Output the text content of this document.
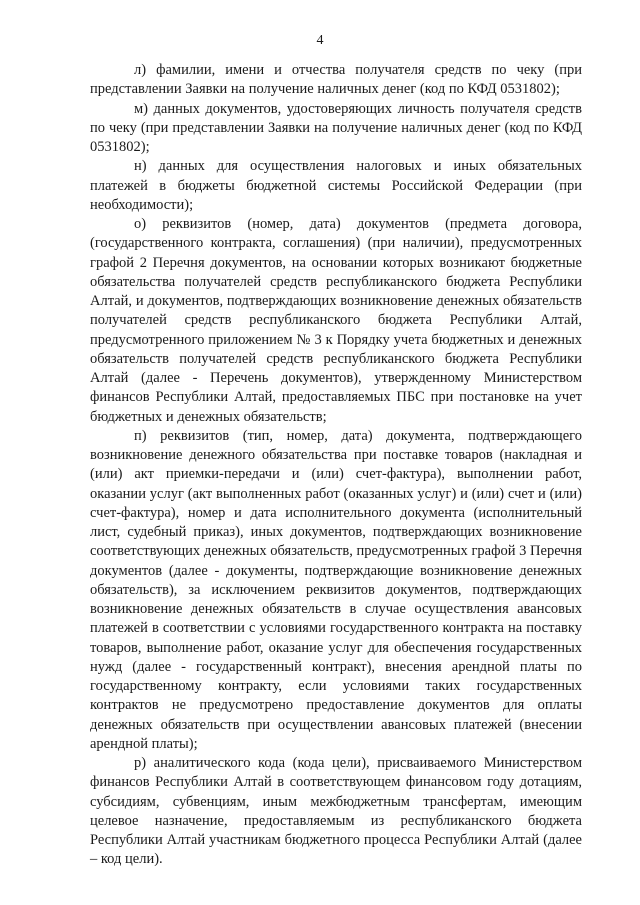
4

л) фамилии, имени и отчества получателя средств по чеку (при представлении Заявки на получение наличных денег (код по КФД 0531802);

м) данных документов, удостоверяющих личность получателя средств по чеку (при представлении Заявки на получение наличных денег (код по КФД 0531802);

н) данных для осуществления налоговых и иных обязательных платежей в бюджеты бюджетной системы Российской Федерации (при необходимости);

о) реквизитов (номер, дата) документов (предмета договора, (государственного контракта, соглашения) (при наличии), предусмотренных графой 2 Перечня документов, на основании которых возникают бюджетные обязательства получателей средств республиканского бюджета Республики Алтай, и документов, подтверждающих возникновение денежных обязательств получателей средств республиканского бюджета Республики Алтай, предусмотренного приложением № 3 к Порядку учета бюджетных и денежных обязательств получателей средств республиканского бюджета Республики Алтай (далее - Перечень документов), утвержденному Министерством финансов Республики Алтай, предоставляемых ПБС при постановке на учет бюджетных и денежных обязательств;

п) реквизитов (тип, номер, дата) документа, подтверждающего возникновение денежного обязательства при поставке товаров (накладная и (или) акт приемки-передачи и (или) счет-фактура), выполнении работ, оказании услуг (акт выполненных работ (оказанных услуг) и (или) счет и (или) счет-фактура), номер и дата исполнительного документа (исполнительный лист, судебный приказ), иных документов, подтверждающих возникновение соответствующих денежных обязательств, предусмотренных графой 3 Перечня документов (далее - документы, подтверждающие возникновение денежных обязательств), за исключением реквизитов документов, подтверждающих возникновение денежных обязательств в случае осуществления авансовых платежей в соответствии с условиями государственного контракта на поставку товаров, выполнение работ, оказание услуг для обеспечения государственных нужд (далее - государственный контракт), внесения арендной платы по государственному контракту, если условиями таких государственных контрактов не предусмотрено предоставление документов для оплаты денежных обязательств при осуществлении авансовых платежей (внесении арендной платы);

р) аналитического кода (кода цели), присваиваемого Министерством финансов Республики Алтай в соответствующем финансовом году дотациям, субсидиям, субвенциям, иным межбюджетным трансфертам, имеющим целевое назначение, предоставляемым из республиканского бюджета Республики Алтай участникам бюджетного процесса Республики Алтай (далее – код цели).
